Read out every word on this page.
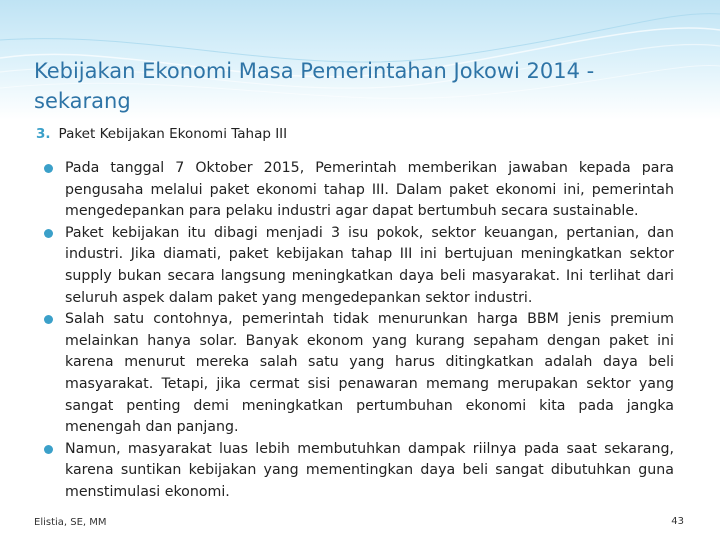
Kebijakan Ekonomi Masa Pemerintahan Jokowi 2014 - sekarang
3. Paket Kebijakan Ekonomi Tahap III
Pada tanggal 7 Oktober 2015, Pemerintah memberikan jawaban kepada para pengusaha melalui paket ekonomi tahap III. Dalam paket ekonomi ini, pemerintah mengedepankan para pelaku industri agar dapat bertumbuh secara sustainable.
Paket kebijakan itu dibagi menjadi 3 isu pokok, sektor keuangan, pertanian, dan industri. Jika diamati, paket kebijakan tahap III ini bertujuan meningkatkan sektor supply bukan secara langsung meningkatkan daya beli masyarakat. Ini terlihat dari seluruh aspek dalam paket yang mengedepankan sektor industri.
Salah satu contohnya, pemerintah tidak menurunkan harga BBM jenis premium melainkan hanya solar. Banyak ekonom yang kurang sepaham dengan paket ini karena menurut mereka salah satu yang harus ditingkatkan adalah daya beli masyarakat. Tetapi, jika cermat sisi penawaran memang merupakan sektor yang sangat penting demi meningkatkan pertumbuhan ekonomi kita pada jangka menengah dan panjang.
Namun, masyarakat luas lebih membutuhkan dampak riilnya pada saat sekarang, karena suntikan kebijakan yang mementingkan daya beli sangat dibutuhkan guna menstimulasi ekonomi.
Elistia, SE, MM	43
